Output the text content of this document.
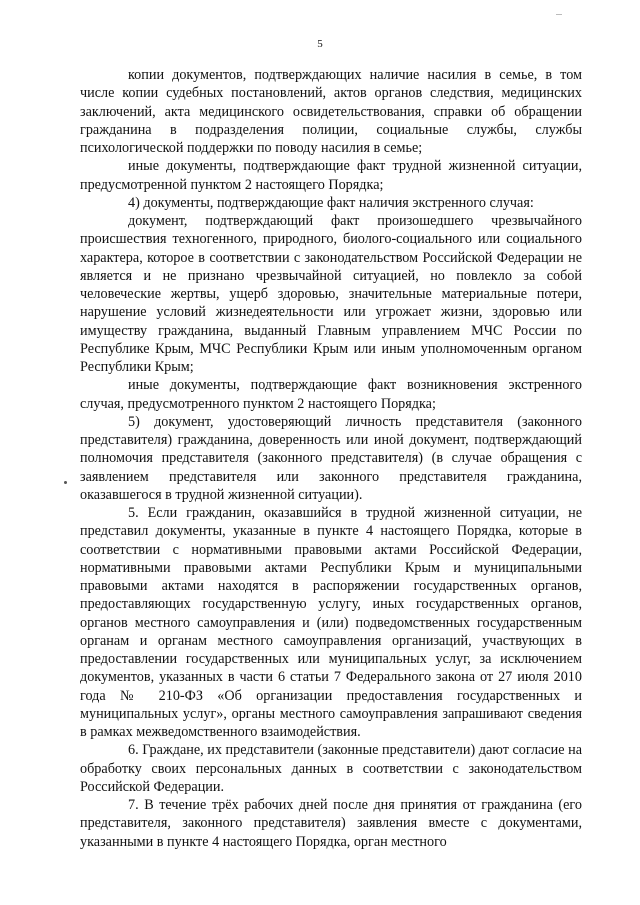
5

копии документов, подтверждающих наличие насилия в семье, в том числе копии судебных постановлений, актов органов следствия, медицинских заключений, акта медицинского освидетельствования, справки об обращении гражданина в подразделения полиции, социальные службы, службы психологической поддержки по поводу насилия в семье;

иные документы, подтверждающие факт трудной жизненной ситуации, предусмотренной пунктом 2 настоящего Порядка;

4) документы, подтверждающие факт наличия экстренного случая:

документ, подтверждающий факт произошедшего чрезвычайного происшествия техногенного, природного, биолого-социального или социального характера, которое в соответствии с законодательством Российской Федерации не является и не признано чрезвычайной ситуацией, но повлекло за собой человеческие жертвы, ущерб здоровью, значительные материальные потери, нарушение условий жизнедеятельности или угрожает жизни, здоровью или имуществу гражданина, выданный Главным управлением МЧС России по Республике Крым, МЧС Республики Крым или иным уполномоченным органом Республики Крым;

иные документы, подтверждающие факт возникновения экстренного случая, предусмотренного пунктом 2 настоящего Порядка;

5) документ, удостоверяющий личность представителя (законного представителя) гражданина, доверенность или иной документ, подтверждающий полномочия представителя (законного представителя) (в случае обращения с заявлением представителя или законного представителя гражданина, оказавшегося в трудной жизненной ситуации).

5. Если гражданин, оказавшийся в трудной жизненной ситуации, не представил документы, указанные в пункте 4 настоящего Порядка, которые в соответствии с нормативными правовыми актами Российской Федерации, нормативными правовыми актами Республики Крым и муниципальными правовыми актами находятся в распоряжении государственных органов, предоставляющих государственную услугу, иных государственных органов, органов местного самоуправления и (или) подведомственных государственным органам и органам местного самоуправления организаций, участвующих в предоставлении государственных или муниципальных услуг, за исключением документов, указанных в части 6 статьи 7 Федерального закона от 27 июля 2010 года № 210-ФЗ «Об организации предоставления государственных и муниципальных услуг», органы местного самоуправления запрашивают сведения в рамках межведомственного взаимодействия.

6. Граждане, их представители (законные представители) дают согласие на обработку своих персональных данных в соответствии с законодательством Российской Федерации.

7. В течение трёх рабочих дней после дня принятия от гражданина (его представителя, законного представителя) заявления вместе с документами, указанными в пункте 4 настоящего Порядка, орган местного
